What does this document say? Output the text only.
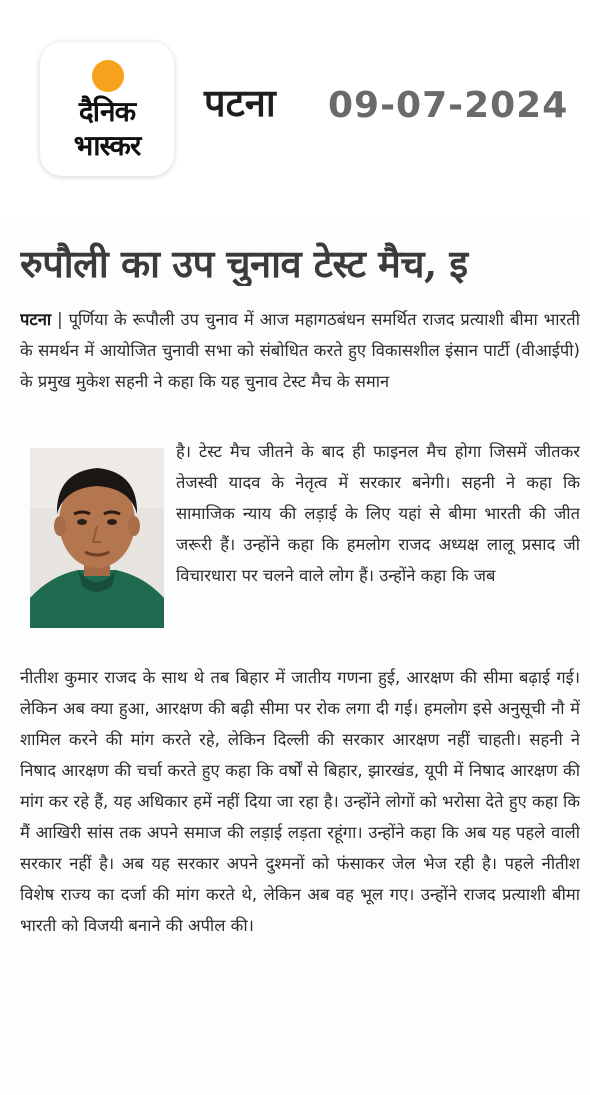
दैनिक
भास्कर
पटना 09-07-2024
रुपौली का उप चुनाव टेस्ट मैच, इ
पटना | पूर्णिया के रूपौली उप चुनाव में आज महागठबंधन समर्थित राजद प्रत्याशी बीमा भारती के समर्थन में आयोजित चुनावी सभा को संबोधित करते हुए विकासशील इंसान पार्टी (वीआईपी) के प्रमुख मुकेश सहनी ने कहा कि यह चुनाव टेस्ट मैच के समान
है। टेस्ट मैच जीतने के बाद ही फाइनल मैच होगा जिसमें जीतकर तेजस्वी यादव के नेतृत्व में सरकार बनेगी। सहनी ने कहा कि सामाजिक न्याय की लड़ाई के लिए यहां से बीमा भारती की जीत जरूरी हैं। उन्होंने कहा कि हमलोग राजद अध्यक्ष लालू प्रसाद जी विचारधारा पर चलने वाले लोग हैं। उन्होंने कहा कि जब
नीतीश कुमार राजद के साथ थे तब बिहार में जातीय गणना हुई, आरक्षण की सीमा बढ़ाई गई। लेकिन अब क्या हुआ, आरक्षण की बढ़ी सीमा पर रोक लगा दी गई। हमलोग इसे अनुसूची नौ में शामिल करने की मांग करते रहे, लेकिन दिल्ली की सरकार आरक्षण नहीं चाहती। सहनी ने निषाद आरक्षण की चर्चा करते हुए कहा कि वर्षों से बिहार, झारखंड, यूपी में निषाद आरक्षण की मांग कर रहे हैं, यह अधिकार हमें नहीं दिया जा रहा है। उन्होंने लोगों को भरोसा देते हुए कहा कि मैं आखिरी सांस तक अपने समाज की लड़ाई लड़ता रहूंगा। उन्होंने कहा कि अब यह पहले वाली सरकार नहीं है। अब यह सरकार अपने दुश्मनों को फंसाकर जेल भेज रही है। पहले नीतीश विशेष राज्य का दर्जा की मांग करते थे, लेकिन अब वह भूल गए। उन्होंने राजद प्रत्याशी बीमा भारती को विजयी बनाने की अपील की।
